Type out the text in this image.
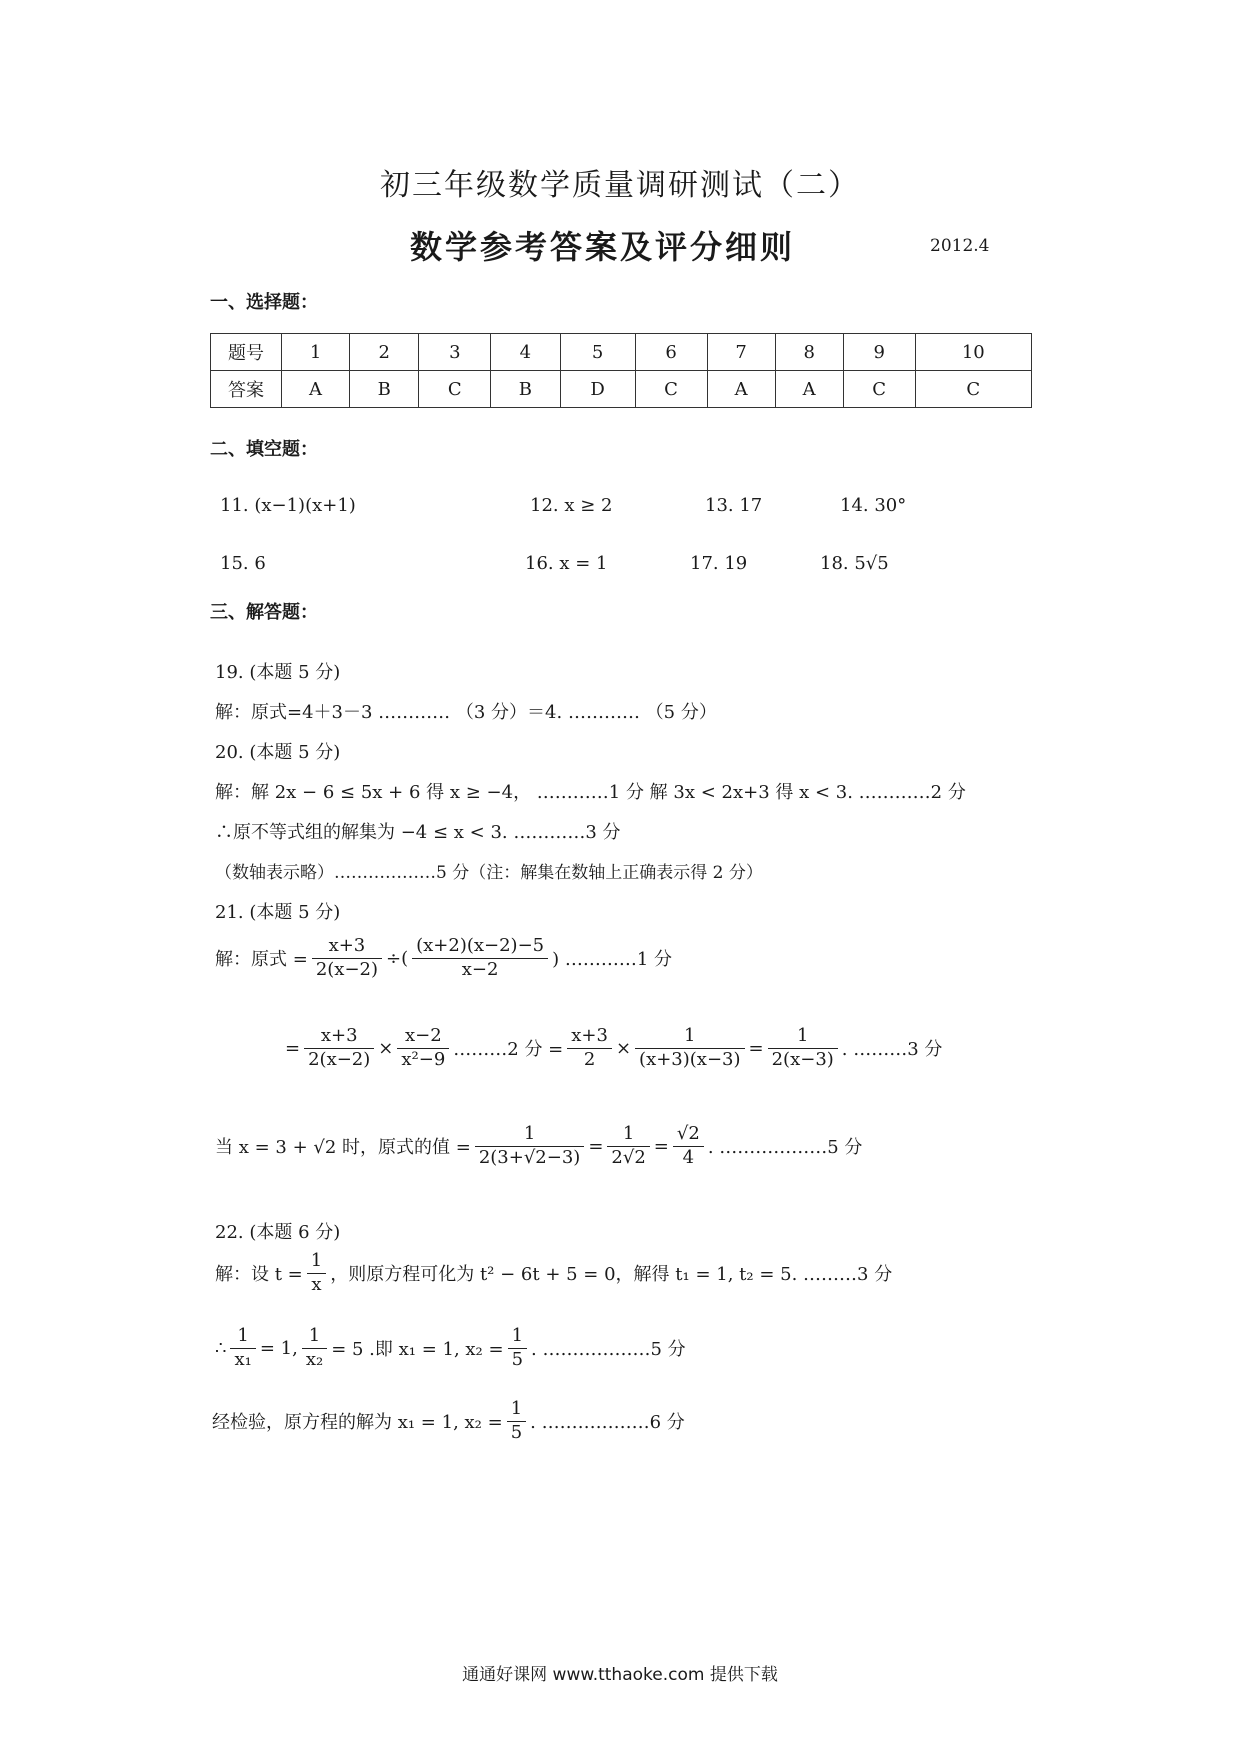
初三年级数学质量调研测试（二）
数学参考答案及评分细则	2012.4
一、选择题：
题号	1	2	3	4	5	6	7	8	9	10
答案	A	B	C	B	D	C	A	A	C	C
二、填空题：
11. (x−1)(x+1)	12. x ≥ 2	13. 17	14. 30°
15. 6	16. x = 1	17. 19	18. 5√5
三、解答题：
19. (本题 5 分)
解：原式=4＋3－3 ………… （3 分）＝4. ………… （5 分）
20. (本题 5 分)
解：解 2x − 6 ≤ 5x + 6 得 x ≥ −4， …………1 分 解 3x < 2x+3 得 x < 3. …………2 分
∴原不等式组的解集为 −4 ≤ x < 3. …………3 分
（数轴表示略）………………5 分（注：解集在数轴上正确表示得 2 分）
21. (本题 5 分)
解：原式 = $\frac{x+3}{2(x-2)}$ ÷( $\frac{(x+2)(x-2)-5}{x-2}$ ) …………1 分
= $\frac{x+3}{2(x-2)} \times \frac{x-2}{\text{x²−9}}$ ………2 分 = $\frac{x+3}{2} \times \frac{1}{(x+3)(x-3)} = \frac{1}{2(x-3)}$ . ………3 分
当 x = 3 + √2 时，原式的值 = $\frac{1}{2(3+√2-3)} = \frac{1}{2√2} = \frac{√2}{4}$ . ………………5 分
22. (本题 6 分)
解：设 $t = \frac{1}{x}$ ，则原方程可化为 t² − 6t + 5 = 0，解得 t₁ = 1, t₂ = 5. ………3 分
∴ $\frac{1}{\text{x₁}} = 1$, $\frac{1}{\text{x₂}} = 5$ .即 x₁ = 1, $x_2 = \frac{1}{5}$ . ………………5 分
经检验，原方程的解为 x₁ = 1, $x_2 = \frac{1}{5}$ . ………………6 分
通通好课网 www.tthaoke.com 提供下载
